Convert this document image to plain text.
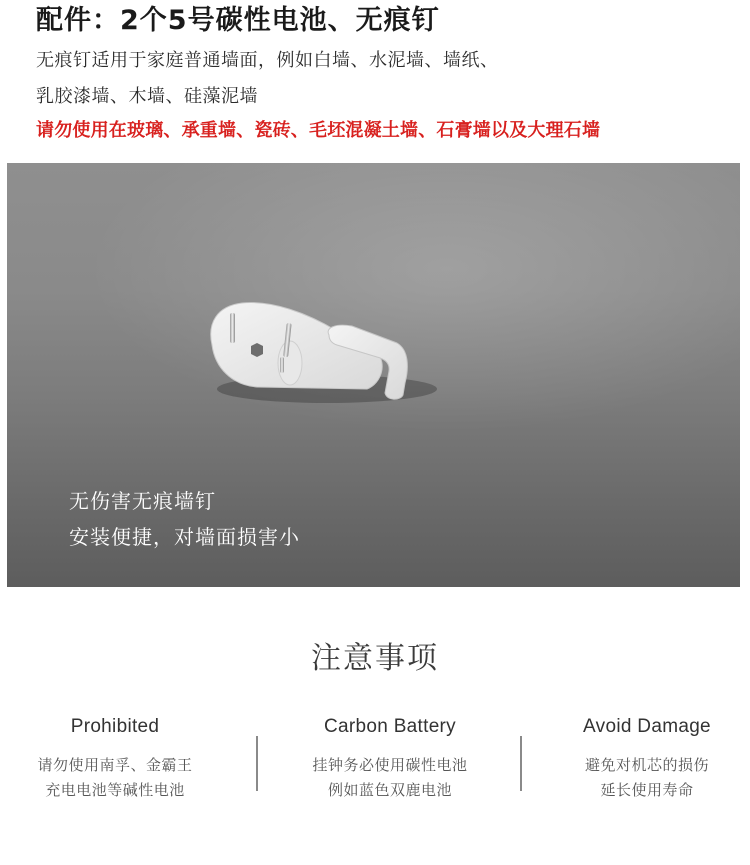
配件：2个5号碳性电池、无痕钉
无痕钉适用于家庭普通墙面，例如白墙、水泥墙、墙纸、
乳胶漆墙、木墙、硅藻泥墙
请勿使用在玻璃、承重墙、瓷砖、毛坯混凝土墙、石膏墙以及大理石墙
无伤害无痕墙钉
安装便捷，对墙面损害小
注意事项
Prohibited

请勿使用南孚、金霸王
充电电池等碱性电池

Carbon Battery

挂钟务必使用碳性电池
例如蓝色双鹿电池

Avoid Damage

避免对机芯的损伤
延长使用寿命
